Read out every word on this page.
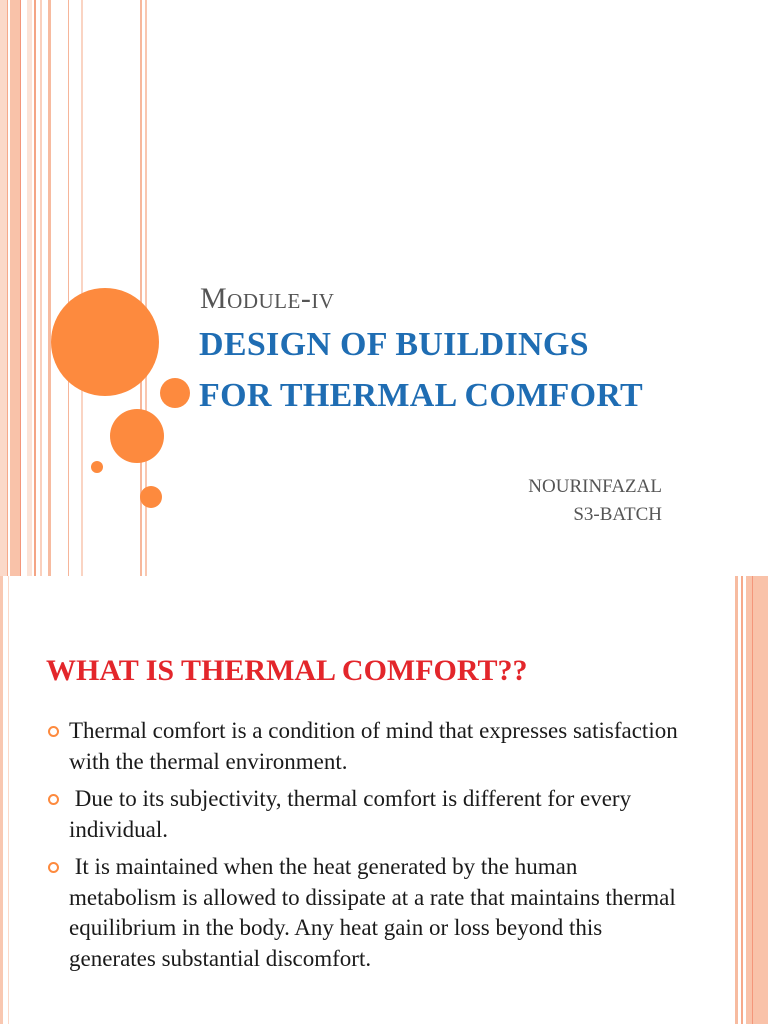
Module-iv

DESIGN OF BUILDINGS

FOR THERMAL COMFORT

NOURINFAZAL

S3-BATCH

WHAT IS THERMAL COMFORT??
Thermal comfort is a condition of mind that expresses satisfaction with the thermal environment.
Due to its subjectivity, thermal comfort is different for every individual.
It is maintained when the heat generated by the human metabolism is allowed to dissipate at a rate that maintains thermal equilibrium in the body. Any heat gain or loss beyond this generates substantial discomfort.
